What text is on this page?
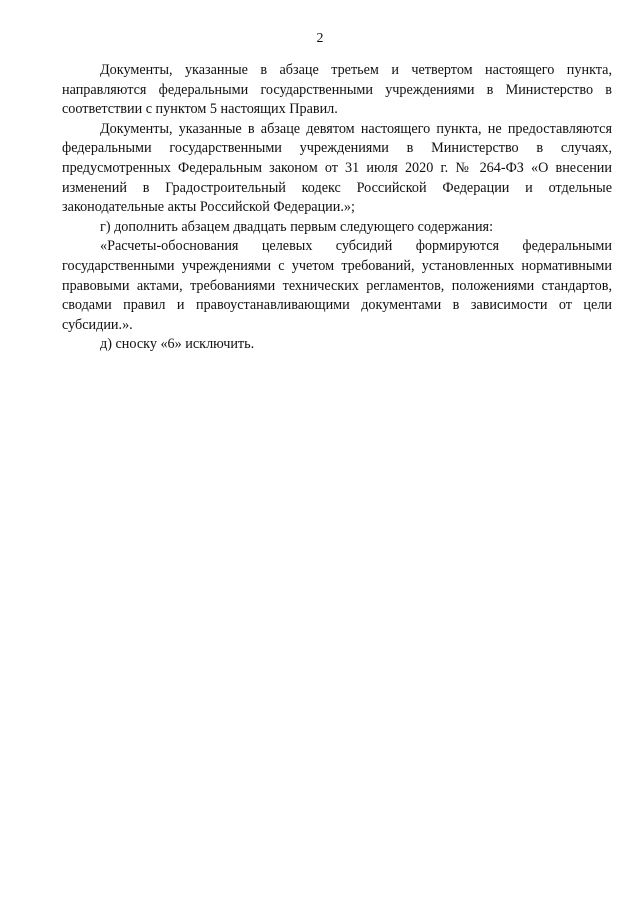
2

Документы, указанные в абзаце третьем и четвертом настоящего пункта, направляются федеральными государственными учреждениями в Министерство в соответствии с пунктом 5 настоящих Правил.

Документы, указанные в абзаце девятом настоящего пункта, не предоставляются федеральными государственными учреждениями в Министерство в случаях, предусмотренных Федеральным законом от 31 июля 2020 г. № 264-ФЗ «О внесении изменений в Градостроительный кодекс Российской Федерации и отдельные законодательные акты Российской Федерации.»;

г) дополнить абзацем двадцать первым следующего содержания:

«Расчеты-обоснования целевых субсидий формируются федеральными государственными учреждениями с учетом требований, установленных нормативными правовыми актами, требованиями технических регламентов, положениями стандартов, сводами правил и правоустанавливающими документами в зависимости от цели субсидии.».

д) сноску «6» исключить.
